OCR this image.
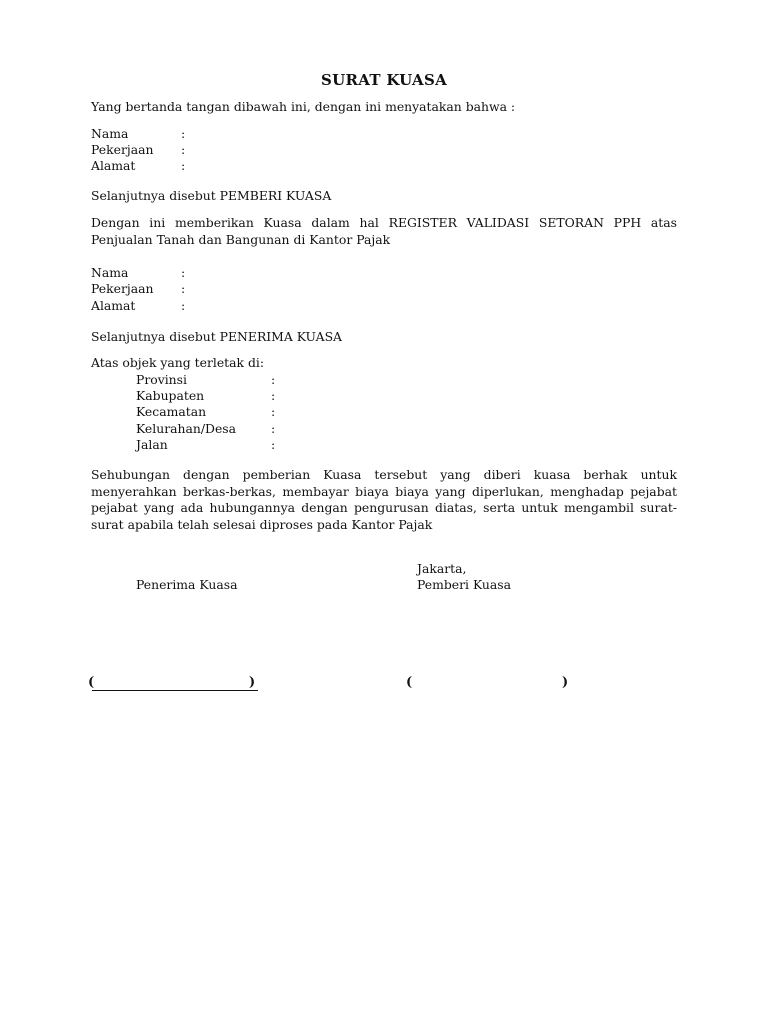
SURAT KUASA
Yang bertanda tangan dibawah ini, dengan ini menyatakan bahwa :
Nama	:
Pekerjaan :
Alamat	:
Selanjutnya disebut PEMBERI KUASA
Dengan ini memberikan Kuasa dalam hal REGISTER VALIDASI SETORAN PPH atas Penjualan Tanah dan Bangunan di Kantor Pajak
Nama	:
Pekerjaan :
Alamat	:
Selanjutnya disebut PENERIMA KUASA
Atas objek yang terletak di:
Provinsi	:
Kabupaten	:
Kecamatan	:
Kelurahan/Desa	:
Jalan	:
Sehubungan dengan pemberian Kuasa tersebut yang diberi kuasa berhak untuk menyerahkan berkas-berkas, membayar biaya biaya yang diperlukan, menghadap pejabat pejabat yang ada hubungannya dengan pengurusan diatas, serta untuk mengambil surat-surat apabila telah selesai diproses pada Kantor Pajak
Jakarta,
Penerima Kuasa	Pemberi Kuasa
(	)	(	)
